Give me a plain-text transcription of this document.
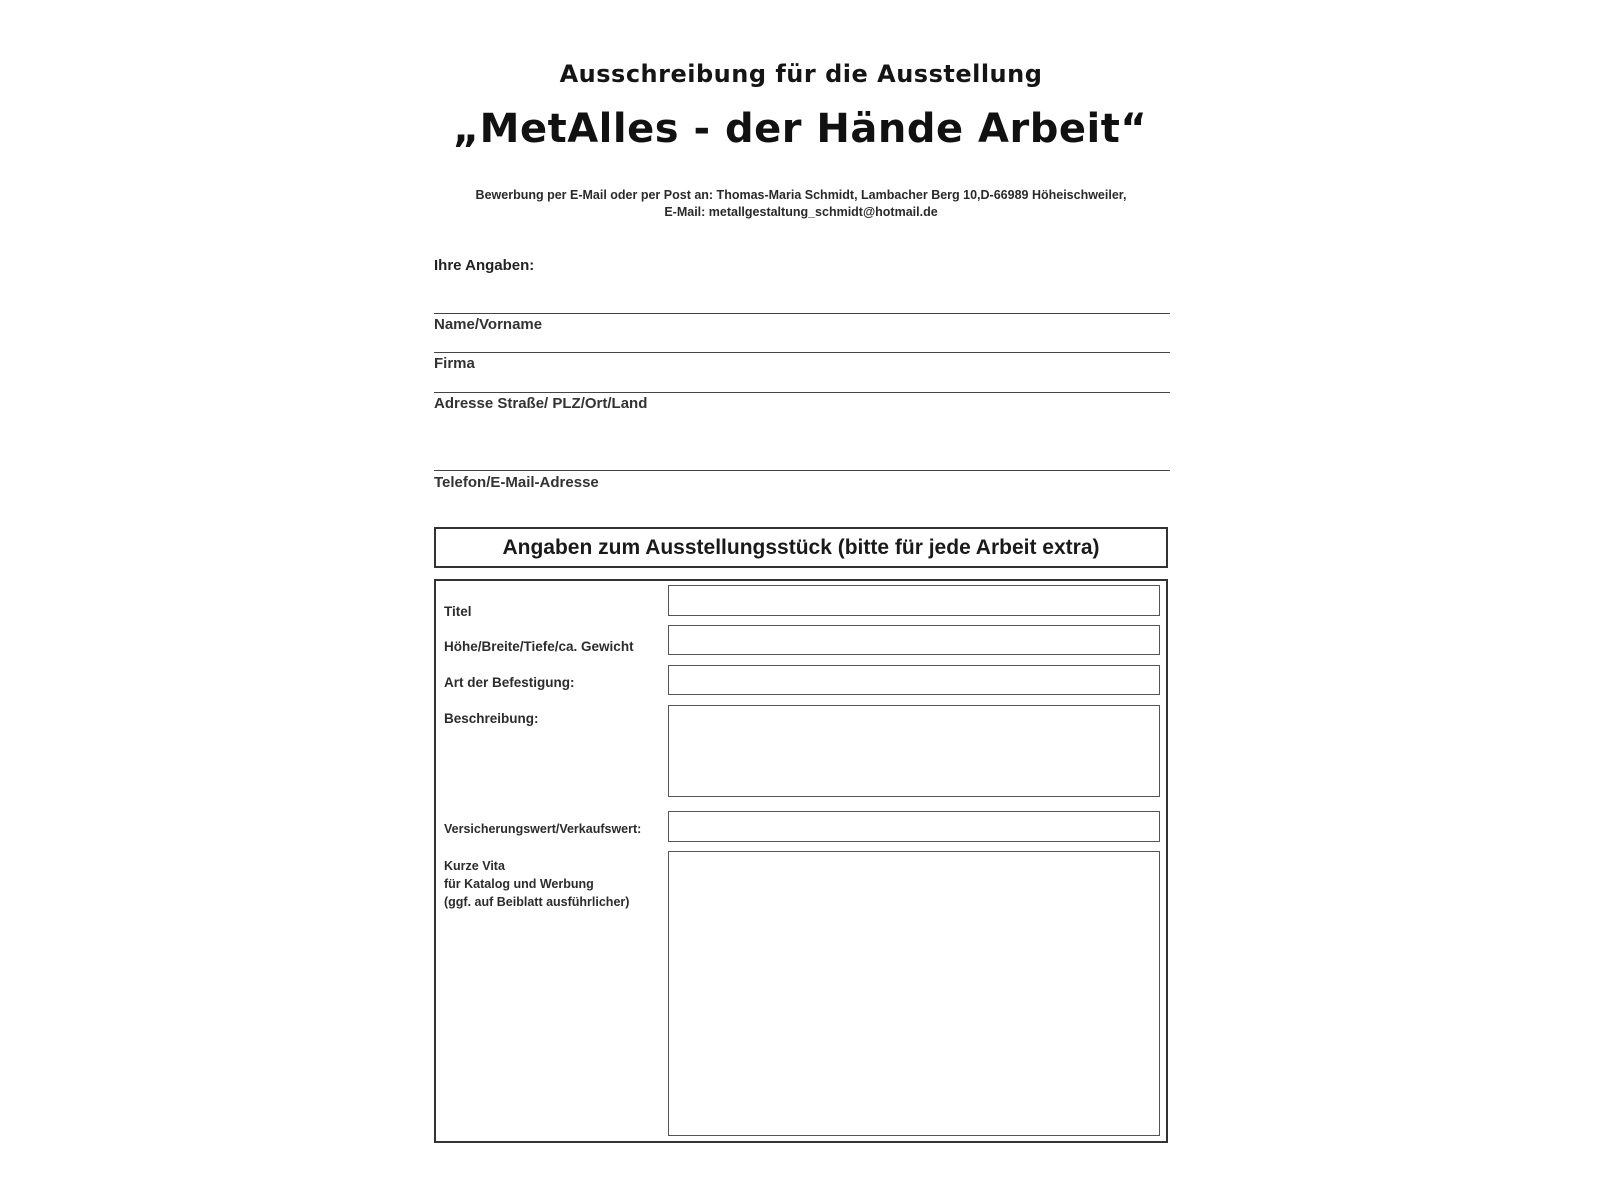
Ausschreibung für die Ausstellung
„MetAlles - der Hände Arbeit“
Bewerbung per E-Mail oder per Post an: Thomas-Maria Schmidt, Lambacher Berg 10,D-66989 Höheischweiler,
E-Mail: metallgestaltung_schmidt@hotmail.de
Ihre Angaben:
Name/Vorname
Firma
Adresse Straße/ PLZ/Ort/Land
Telefon/E-Mail-Adresse
Angaben zum Ausstellungsstück (bitte für jede Arbeit extra)
Titel
Höhe/Breite/Tiefe/ca. Gewicht
Art der Befestigung:
Beschreibung:
Versicherungswert/Verkaufswert:
Kurze Vita
für Katalog und Werbung
(ggf. auf Beiblatt ausführlicher)
